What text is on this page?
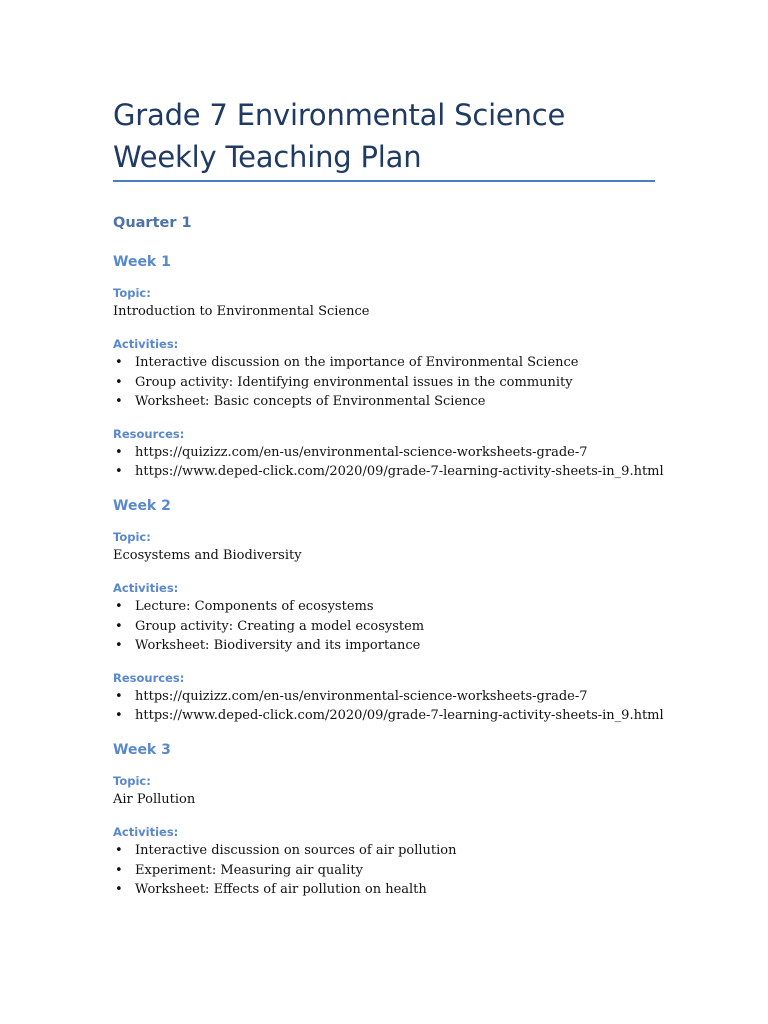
Grade 7 Environmental Science Weekly Teaching Plan
Quarter 1
Week 1
Topic:

Introduction to Environmental Science

Activities:
• Interactive discussion on the importance of Environmental Science
• Group activity: Identifying environmental issues in the community
• Worksheet: Basic concepts of Environmental Science
Resources:
• https://quizizz.com/en-us/environmental-science-worksheets-grade-7
• https://www.deped-click.com/2020/09/grade-7-learning-activity-sheets-in_9.html
Week 2
Topic:

Ecosystems and Biodiversity

Activities:
• Lecture: Components of ecosystems
• Group activity: Creating a model ecosystem
• Worksheet: Biodiversity and its importance
Resources:
• https://quizizz.com/en-us/environmental-science-worksheets-grade-7
• https://www.deped-click.com/2020/09/grade-7-learning-activity-sheets-in_9.html
Week 3
Topic:

Air Pollution

Activities:
• Interactive discussion on sources of air pollution
• Experiment: Measuring air quality
• Worksheet: Effects of air pollution on health
